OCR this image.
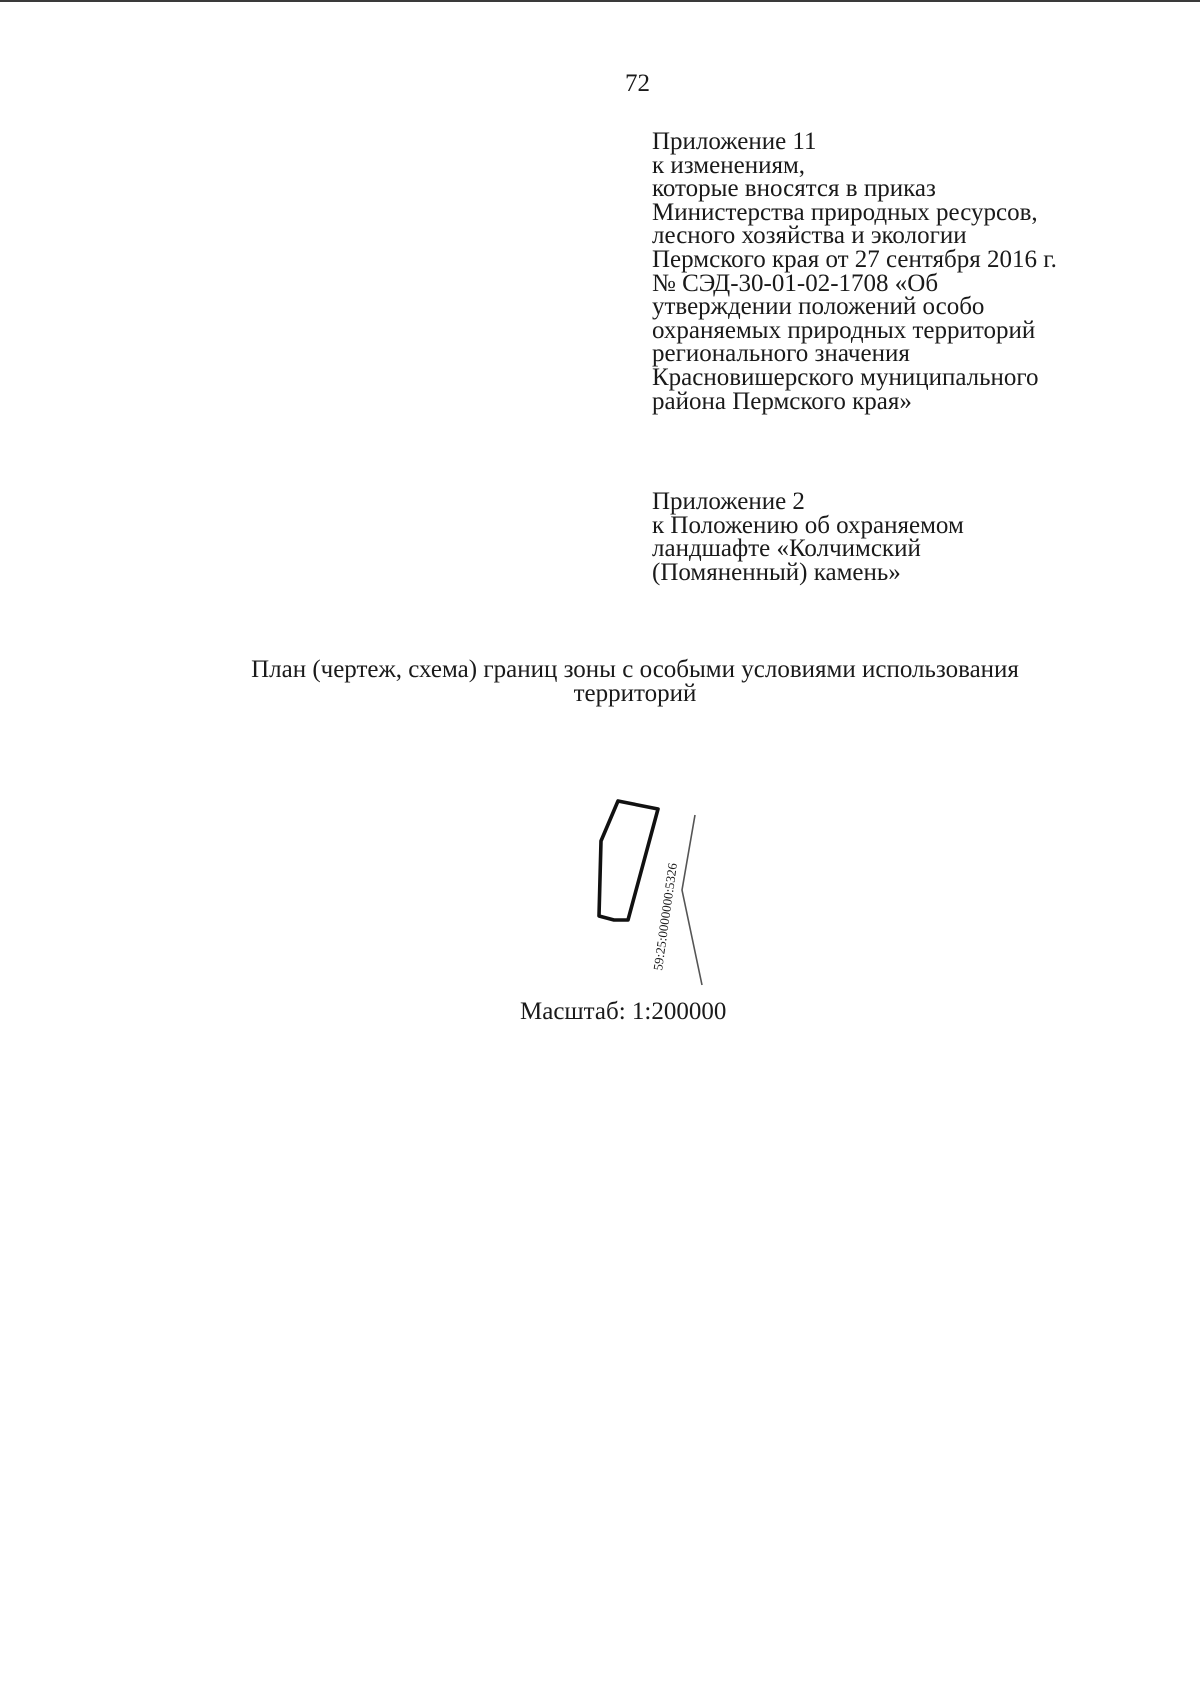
72
Приложение 11
к изменениям,
которые вносятся в приказ
Министерства природных ресурсов,
лесного хозяйства и экологии
Пермского края от 27 сентября 2016 г.
№ СЭД-30-01-02-1708 «Об
утверждении положений особо
охраняемых природных территорий
регионального значения
Красновишерского муниципального
района Пермского края»
Приложение 2
к Положению об охраняемом
ландшафте «Колчимский
(Помяненный) камень»
План (чертеж, схема) границ зоны с особыми условиями использования
территорий
59:25:0000000:5326
Масштаб: 1:200000
